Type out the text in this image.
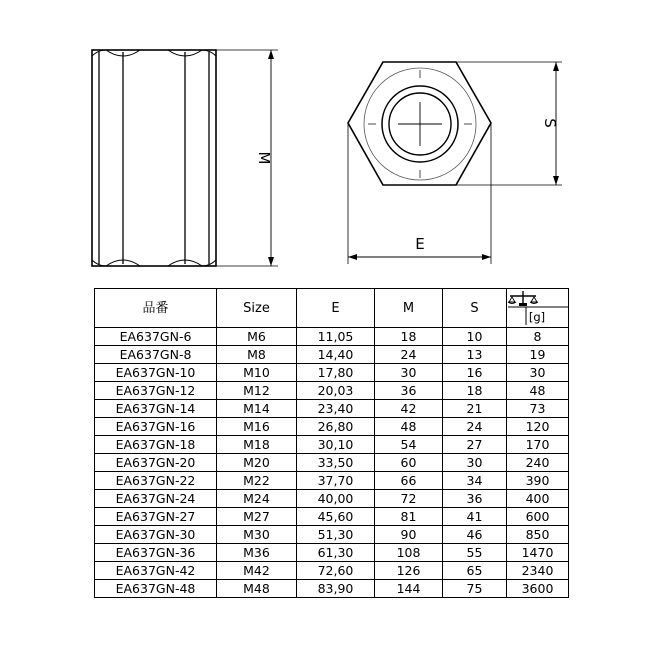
M
S
E
品番	Size	E	M	S	[g]

EA637GN-6	M6	11,05	18	10	8
EA637GN-8	M8	14,40	24	13	19
EA637GN-10	M10	17,80	30	16	30
EA637GN-12	M12	20,03	36	18	48
EA637GN-14	M14	23,40	42	21	73
EA637GN-16	M16	26,80	48	24	120
EA637GN-18	M18	30,10	54	27	170
EA637GN-20	M20	33,50	60	30	240
EA637GN-22	M22	37,70	66	34	390
EA637GN-24	M24	40,00	72	36	400
EA637GN-27	M27	45,60	81	41	600
EA637GN-30	M30	51,30	90	46	850
EA637GN-36	M36	61,30	108	55	1470
EA637GN-42	M42	72,60	126	65	2340
EA637GN-48	M48	83,90	144	75	3600
